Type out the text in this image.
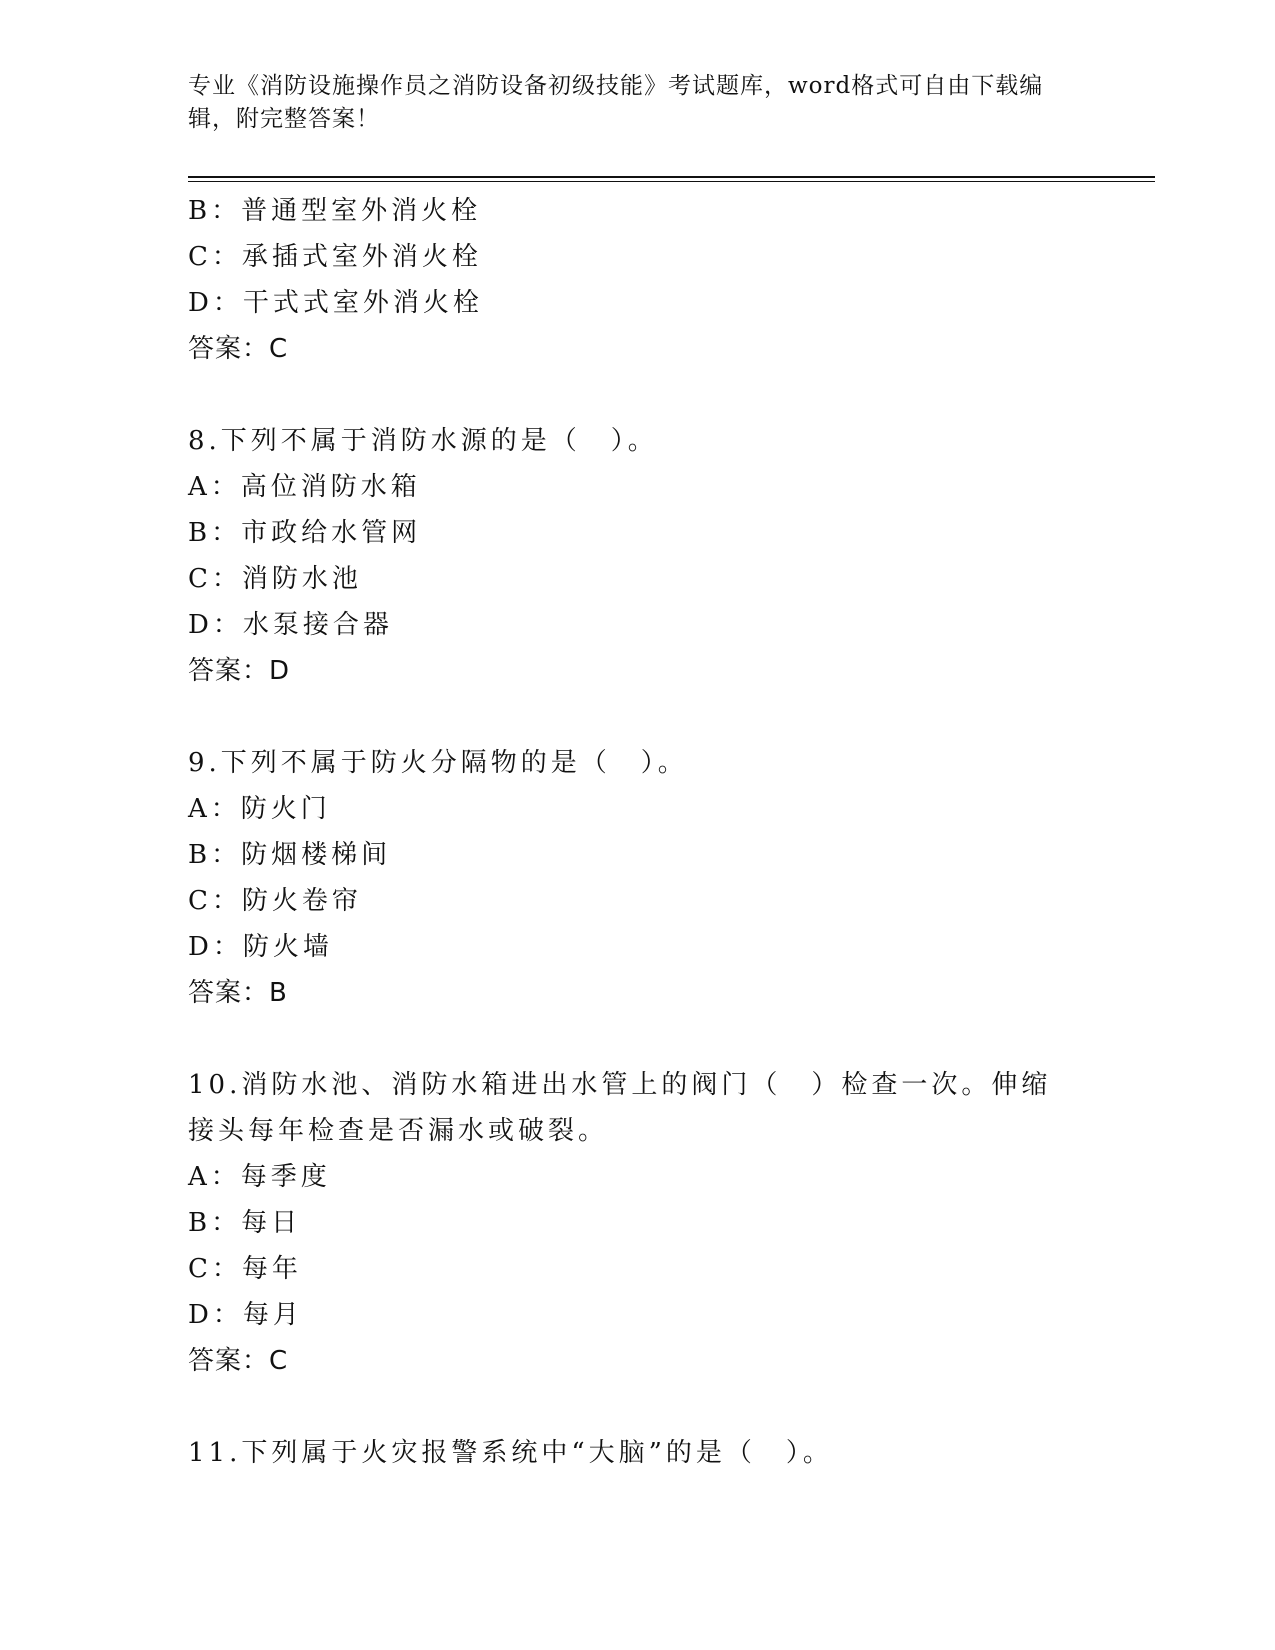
专业《消防设施操作员之消防设备初级技能》考试题库，word格式可自由下载编辑，附完整答案！
B：普通型室外消火栓
C：承插式室外消火栓
D：干式式室外消火栓
答案：C
8.下列不属于消防水源的是（　）。
A：高位消防水箱
B：市政给水管网
C：消防水池
D：水泵接合器
答案：D
9.下列不属于防火分隔物的是（　）。
A：防火门
B：防烟楼梯间
C：防火卷帘
D：防火墙
答案：B
10.消防水池、消防水箱进出水管上的阀门（　）检查一次。伸缩接头每年检查是否漏水或破裂。
A：每季度
B：每日
C：每年
D：每月
答案：C
11.下列属于火灾报警系统中“大脑”的是（　）。
